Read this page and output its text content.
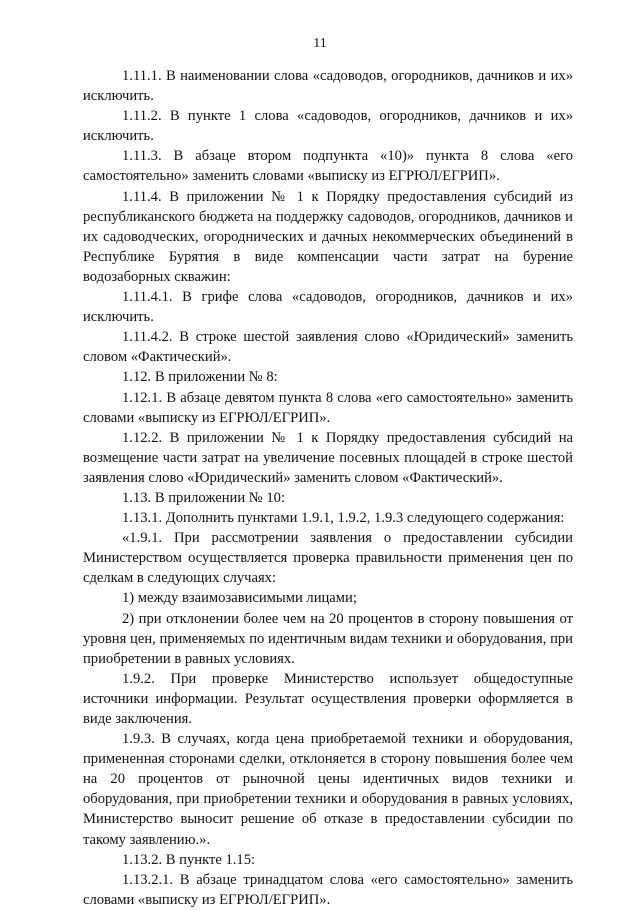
11

1.11.1. В наименовании слова «садоводов, огородников, дачников и их» исключить.

1.11.2. В пункте 1 слова «садоводов, огородников, дачников и их» исключить.

1.11.3. В абзаце втором подпункта «10)» пункта 8 слова «его самостоятельно» заменить словами «выписку из ЕГРЮЛ/ЕГРИП».

1.11.4. В приложении № 1 к Порядку предоставления субсидий из республиканского бюджета на поддержку садоводов, огородников, дачников и их садоводческих, огороднических и дачных некоммерческих объединений в Республике Бурятия в виде компенсации части затрат на бурение водозаборных скважин:

1.11.4.1. В грифе слова «садоводов, огородников, дачников и их» исключить.

1.11.4.2. В строке шестой заявления слово «Юридический» заменить словом «Фактический».

1.12. В приложении № 8:

1.12.1. В абзаце девятом пункта 8 слова «его самостоятельно» заменить словами «выписку из ЕГРЮЛ/ЕГРИП».

1.12.2. В приложении № 1 к Порядку предоставления субсидий на возмещение части затрат на увеличение посевных площадей в строке шестой заявления слово «Юридический» заменить словом «Фактический».

1.13. В приложении № 10:

1.13.1. Дополнить пунктами 1.9.1, 1.9.2, 1.9.3 следующего содержания:

«1.9.1. При рассмотрении заявления о предоставлении субсидии Министерством осуществляется проверка правильности применения цен по сделкам в следующих случаях:

1) между взаимозависимыми лицами;

2) при отклонении более чем на 20 процентов в сторону повышения от уровня цен, применяемых по идентичным видам техники и оборудования, при приобретении в равных условиях.

1.9.2. При проверке Министерство использует общедоступные источники информации. Результат осуществления проверки оформляется в виде заключения.

1.9.3. В случаях, когда цена приобретаемой техники и оборудования, примененная сторонами сделки, отклоняется в сторону повышения более чем на 20 процентов от рыночной цены идентичных видов техники и оборудования, при приобретении техники и оборудования в равных условиях, Министерство выносит решение об отказе в предоставлении субсидии по такому заявлению.».

1.13.2. В пункте 1.15:

1.13.2.1. В абзаце тринадцатом слова «его самостоятельно» заменить словами «выписку из ЕГРЮЛ/ЕГРИП».
